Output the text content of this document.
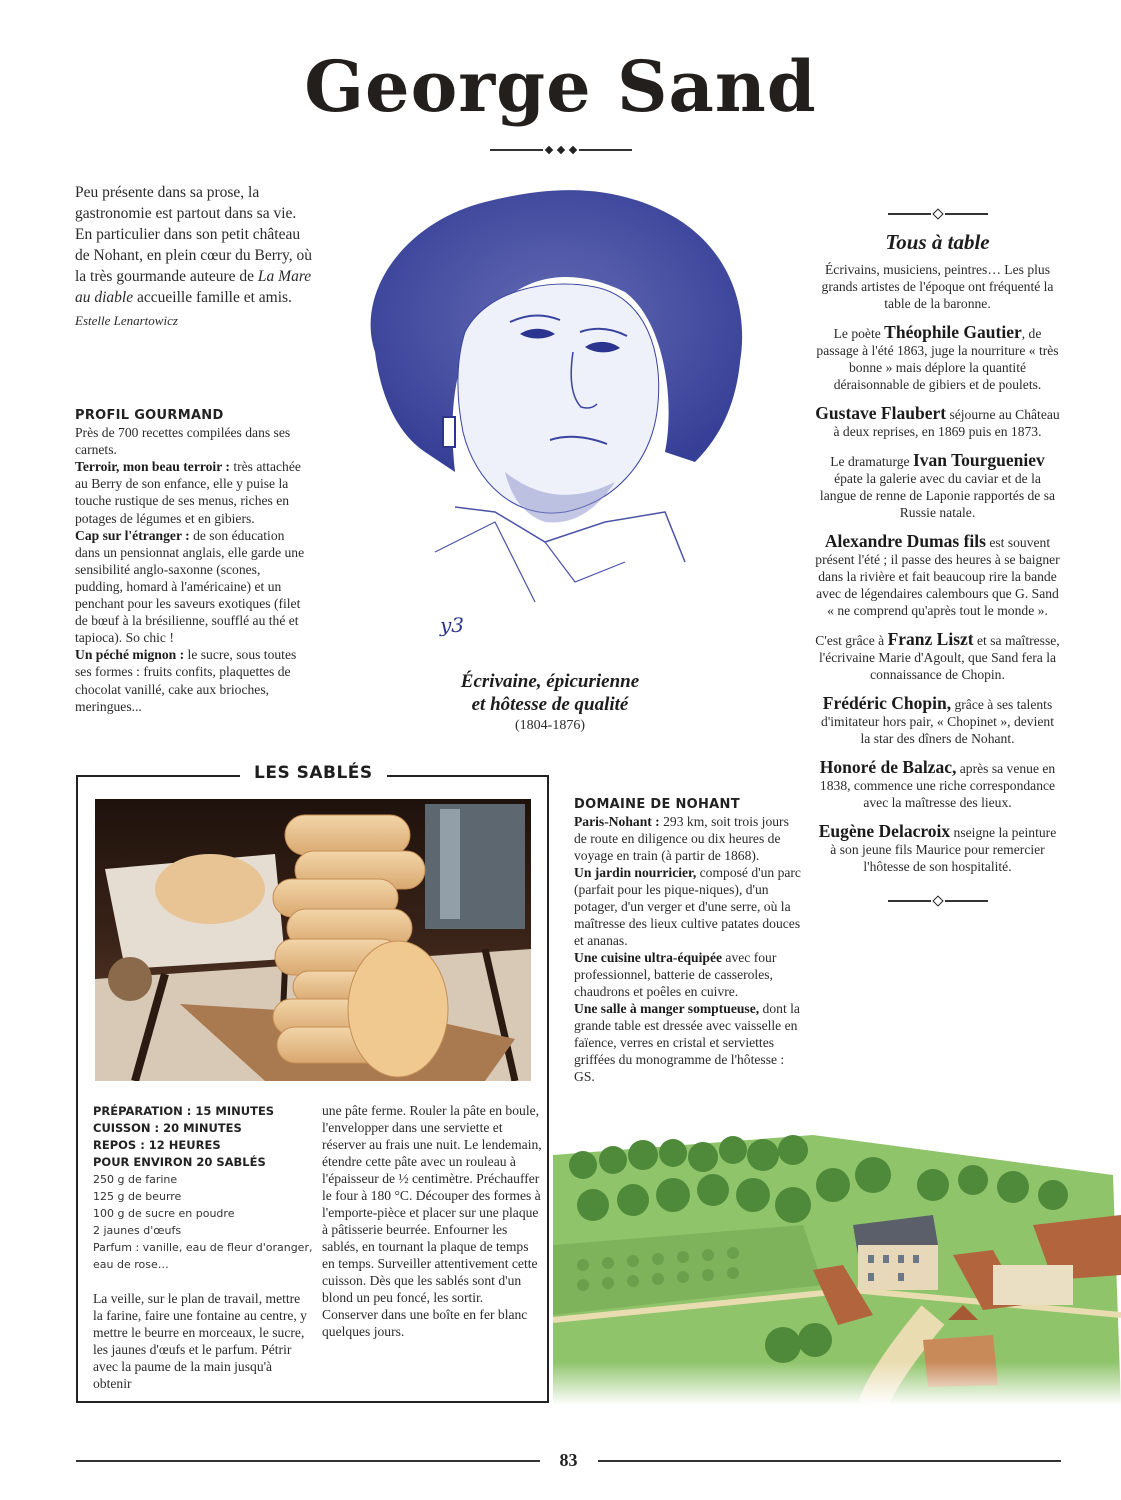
George Sand
Peu présente dans sa prose, la gastronomie est partout dans sa vie. En particulier dans son petit château de Nohant, en plein cœur du Berry, où la très gourmande auteure de La Mare au diable accueille famille et amis.
Estelle Lenartowicz
PROFIL GOURMAND
Près de 700 recettes compilées dans ses carnets.
Terroir, mon beau terroir : très attachée au Berry de son enfance, elle y puise la touche rustique de ses menus, riches en potages de légumes et en gibiers.
Cap sur l'étranger : de son éducation dans un pensionnat anglais, elle garde une sensibilité anglo-saxonne (scones, pudding, homard à l'américaine) et un penchant pour les saveurs exotiques (filet de bœuf à la brésilienne, soufflé au thé et tapioca). So chic !
Un péché mignon : le sucre, sous toutes ses formes : fruits confits, plaquettes de chocolat vanillé, cake aux brioches, meringues...
y3
Écrivaine, épicurienne
et hôtesse de qualité
(1804-1876)
Tous à table

Écrivains, musiciens, peintres… Les plus grands artistes de l'époque ont fréquenté la table de la baronne.

Le poète Théophile Gautier, de passage à l'été 1863, juge la nourriture « très bonne » mais déplore la quantité déraisonnable de gibiers et de poulets.

Gustave Flaubert séjourne au Château à deux reprises, en 1869 puis en 1873.

Le dramaturge Ivan Tourgueniev épate la galerie avec du caviar et de la langue de renne de Laponie rapportés de sa Russie natale.

Alexandre Dumas fils est souvent présent l'été ; il passe des heures à se baigner dans la rivière et fait beaucoup rire la bande avec de légendaires calembours que G. Sand « ne comprend qu'après tout le monde ».

C'est grâce à Franz Liszt et sa maîtresse, l'écrivaine Marie d'Agoult, que Sand fera la connaissance de Chopin.

Frédéric Chopin, grâce à ses talents d'imitateur hors pair, « Chopinet », devient la star des dîners de Nohant.

Honoré de Balzac, après sa venue en 1838, commence une riche correspondance avec la maîtresse des lieux.

Eugène Delacroix nseigne la peinture à son jeune fils Maurice pour remercier l'hôtesse de son hospitalité.

LES SABLÉS
PRÉPARATION : 15 MINUTES
CUISSON : 20 MINUTES
REPOS : 12 HEURES
POUR ENVIRON 20 SABLÉS
250 g de farine
125 g de beurre
100 g de sucre en poudre
2 jaunes d'œufs
Parfum : vanille, eau de fleur d'oranger, eau de rose…
La veille, sur le plan de travail, mettre la farine, faire une fontaine au centre, y mettre le beurre en morceaux, le sucre, les jaunes d'œufs et le parfum. Pétrir avec la paume de la main jusqu'à obtenir
une pâte ferme. Rouler la pâte en boule, l'envelopper dans une serviette et réserver au frais une nuit. Le lendemain, étendre cette pâte avec un rouleau à l'épaisseur de ½ centimètre. Préchauffer le four à 180 °C. Découper des formes à l'emporte-pièce et placer sur une plaque à pâtisserie beurrée. Enfourner les sablés, en tournant la plaque de temps en temps. Surveiller attentivement cette cuisson. Dès que les sablés sont d'un blond un peu foncé, les sortir. Conserver dans une boîte en fer blanc quelques jours.
DOMAINE DE NOHANT
Paris-Nohant : 293 km, soit trois jours de route en diligence ou dix heures de voyage en train (à partir de 1868).
Un jardin nourricier, composé d'un parc (parfait pour les pique-niques), d'un potager, d'un verger et d'une serre, où la maîtresse des lieux cultive patates douces et ananas.
Une cuisine ultra-équipée avec four professionnel, batterie de casseroles, chaudrons et poêles en cuivre.
Une salle à manger somptueuse, dont la grande table est dressée avec vaisselle en faïence, verres en cristal et serviettes griffées du monogramme de l'hôtesse : GS.
83
